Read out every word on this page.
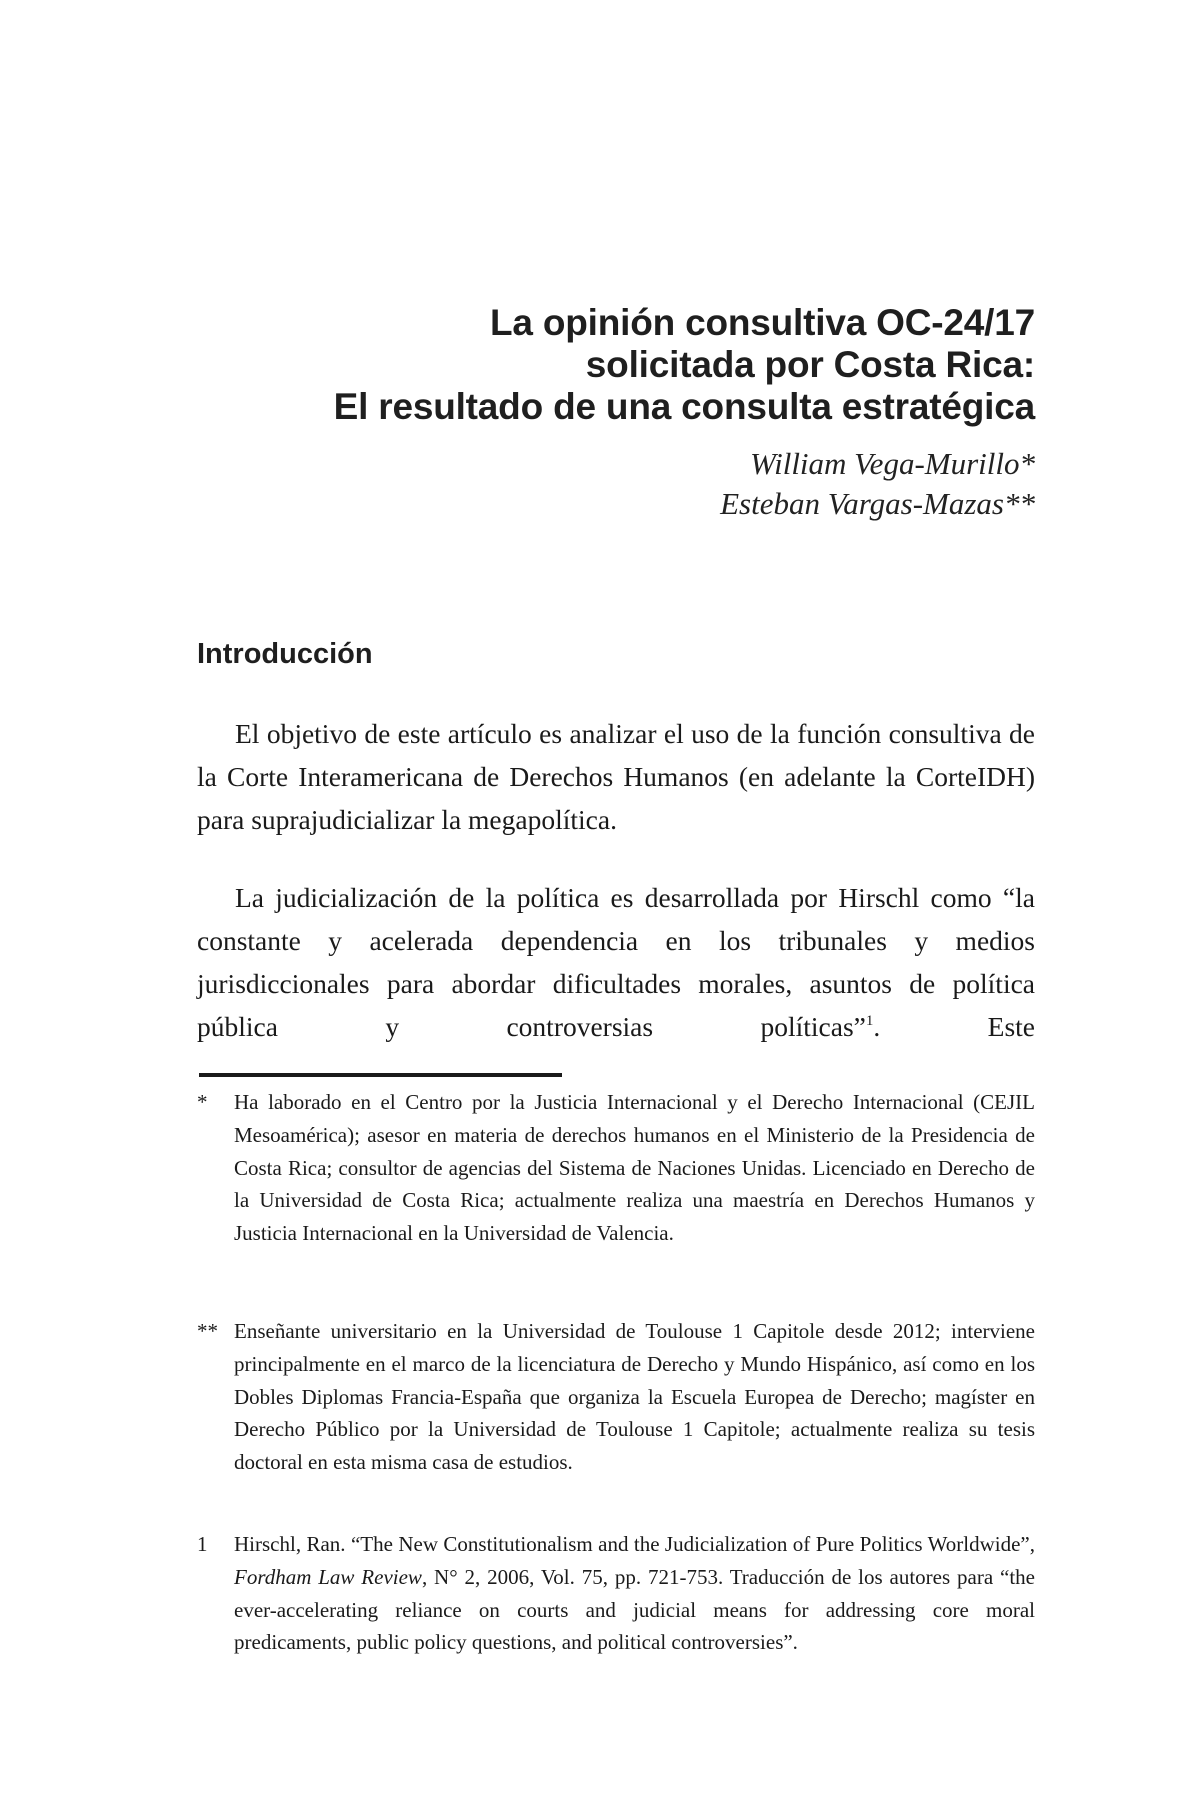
La opinión consultiva OC-24/17
solicitada por Costa Rica:
El resultado de una consulta estratégica
William Vega-Murillo*
Esteban Vargas-Mazas**
Introducción

El objetivo de este artículo es analizar el uso de la función consultiva de la Corte Interamericana de Derechos Humanos (en adelante la CorteIDH) para suprajudicializar la megapolítica.

La judicialización de la política es desarrollada por Hirschl como “la constante y acelerada dependencia en los tribunales y medios jurisdiccionales para abordar dificultades morales, asuntos de política pública y controversias políticas”$^1$. Este

*	Ha laborado en el Centro por la Justicia Internacional y el Derecho Internacional (CEJIL Mesoamérica); asesor en materia de derechos humanos en el Ministerio de la Presidencia de Costa Rica; consultor de agencias del Sistema de Naciones Unidas. Licenciado en Derecho de la Universidad de Costa Rica; actualmente realiza una maestría en Derechos Humanos y Justicia Internacional en la Universidad de Valencia.
** Enseñante universitario en la Universidad de Toulouse 1 Capitole desde 2012; interviene principalmente en el marco de la licenciatura de Derecho y Mundo Hispánico, así como en los Dobles Diplomas Francia-España que organiza la Escuela Europea de Derecho; magíster en Derecho Público por la Universidad de Toulouse 1 Capitole; actualmente realiza su tesis doctoral en esta misma casa de estudios.
1	Hirschl, Ran. “The New Constitutionalism and the Judicialization of Pure Politics Worldwide”, Fordham Law Review, N° 2, 2006, Vol. 75, pp. 721-753. Traducción de los autores para “the ever-accelerating reliance on courts and judicial means for addressing core moral predicaments, public policy questions, and political controversies”.
